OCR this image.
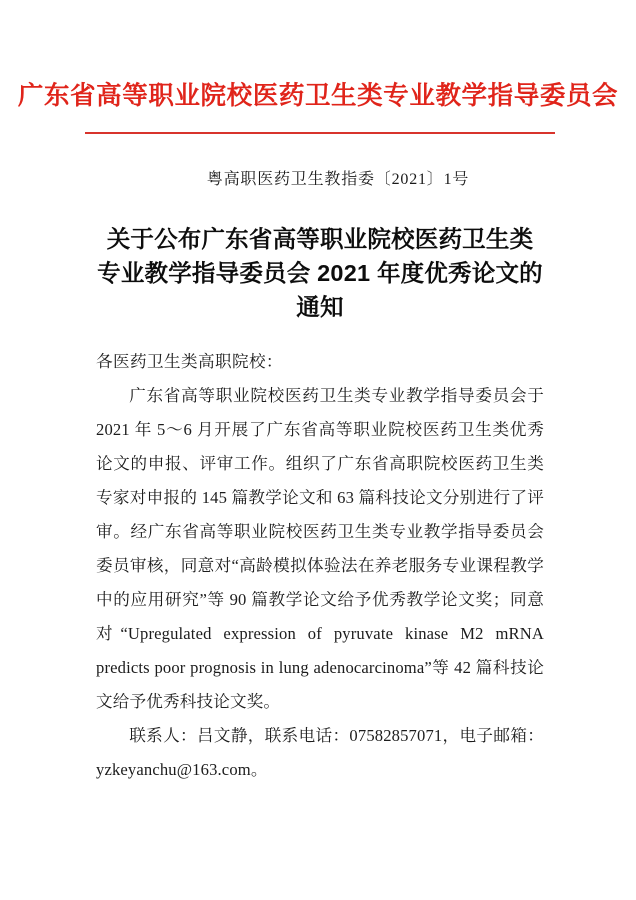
广东省高等职业院校医药卫生类专业教学指导委员会
粤高职医药卫生教指委〔2021〕1号
关于公布广东省高等职业院校医药卫生类
专业教学指导委员会 2021 年度优秀论文的
通知
各医药卫生类高职院校：

广东省高等职业院校医药卫生类专业教学指导委员会于 2021 年 5～6 月开展了广东省高等职业院校医药卫生类优秀论文的申报、评审工作。组织了广东省高职院校医药卫生类专家对申报的 145 篇教学论文和 63 篇科技论文分别进行了评审。经广东省高等职业院校医药卫生类专业教学指导委员会委员审核，同意对“高龄模拟体验法在养老服务专业课程教学中的应用研究”等 90 篇教学论文给予优秀教学论文奖；同意对“Upregulated expression of pyruvate kinase M2 mRNA predicts poor prognosis in lung adenocarcinoma”等 42 篇科技论文给予优秀科技论文奖。

联系人：吕文静，联系电话：07582857071，电子邮箱：yzkeyanchu@163.com。
